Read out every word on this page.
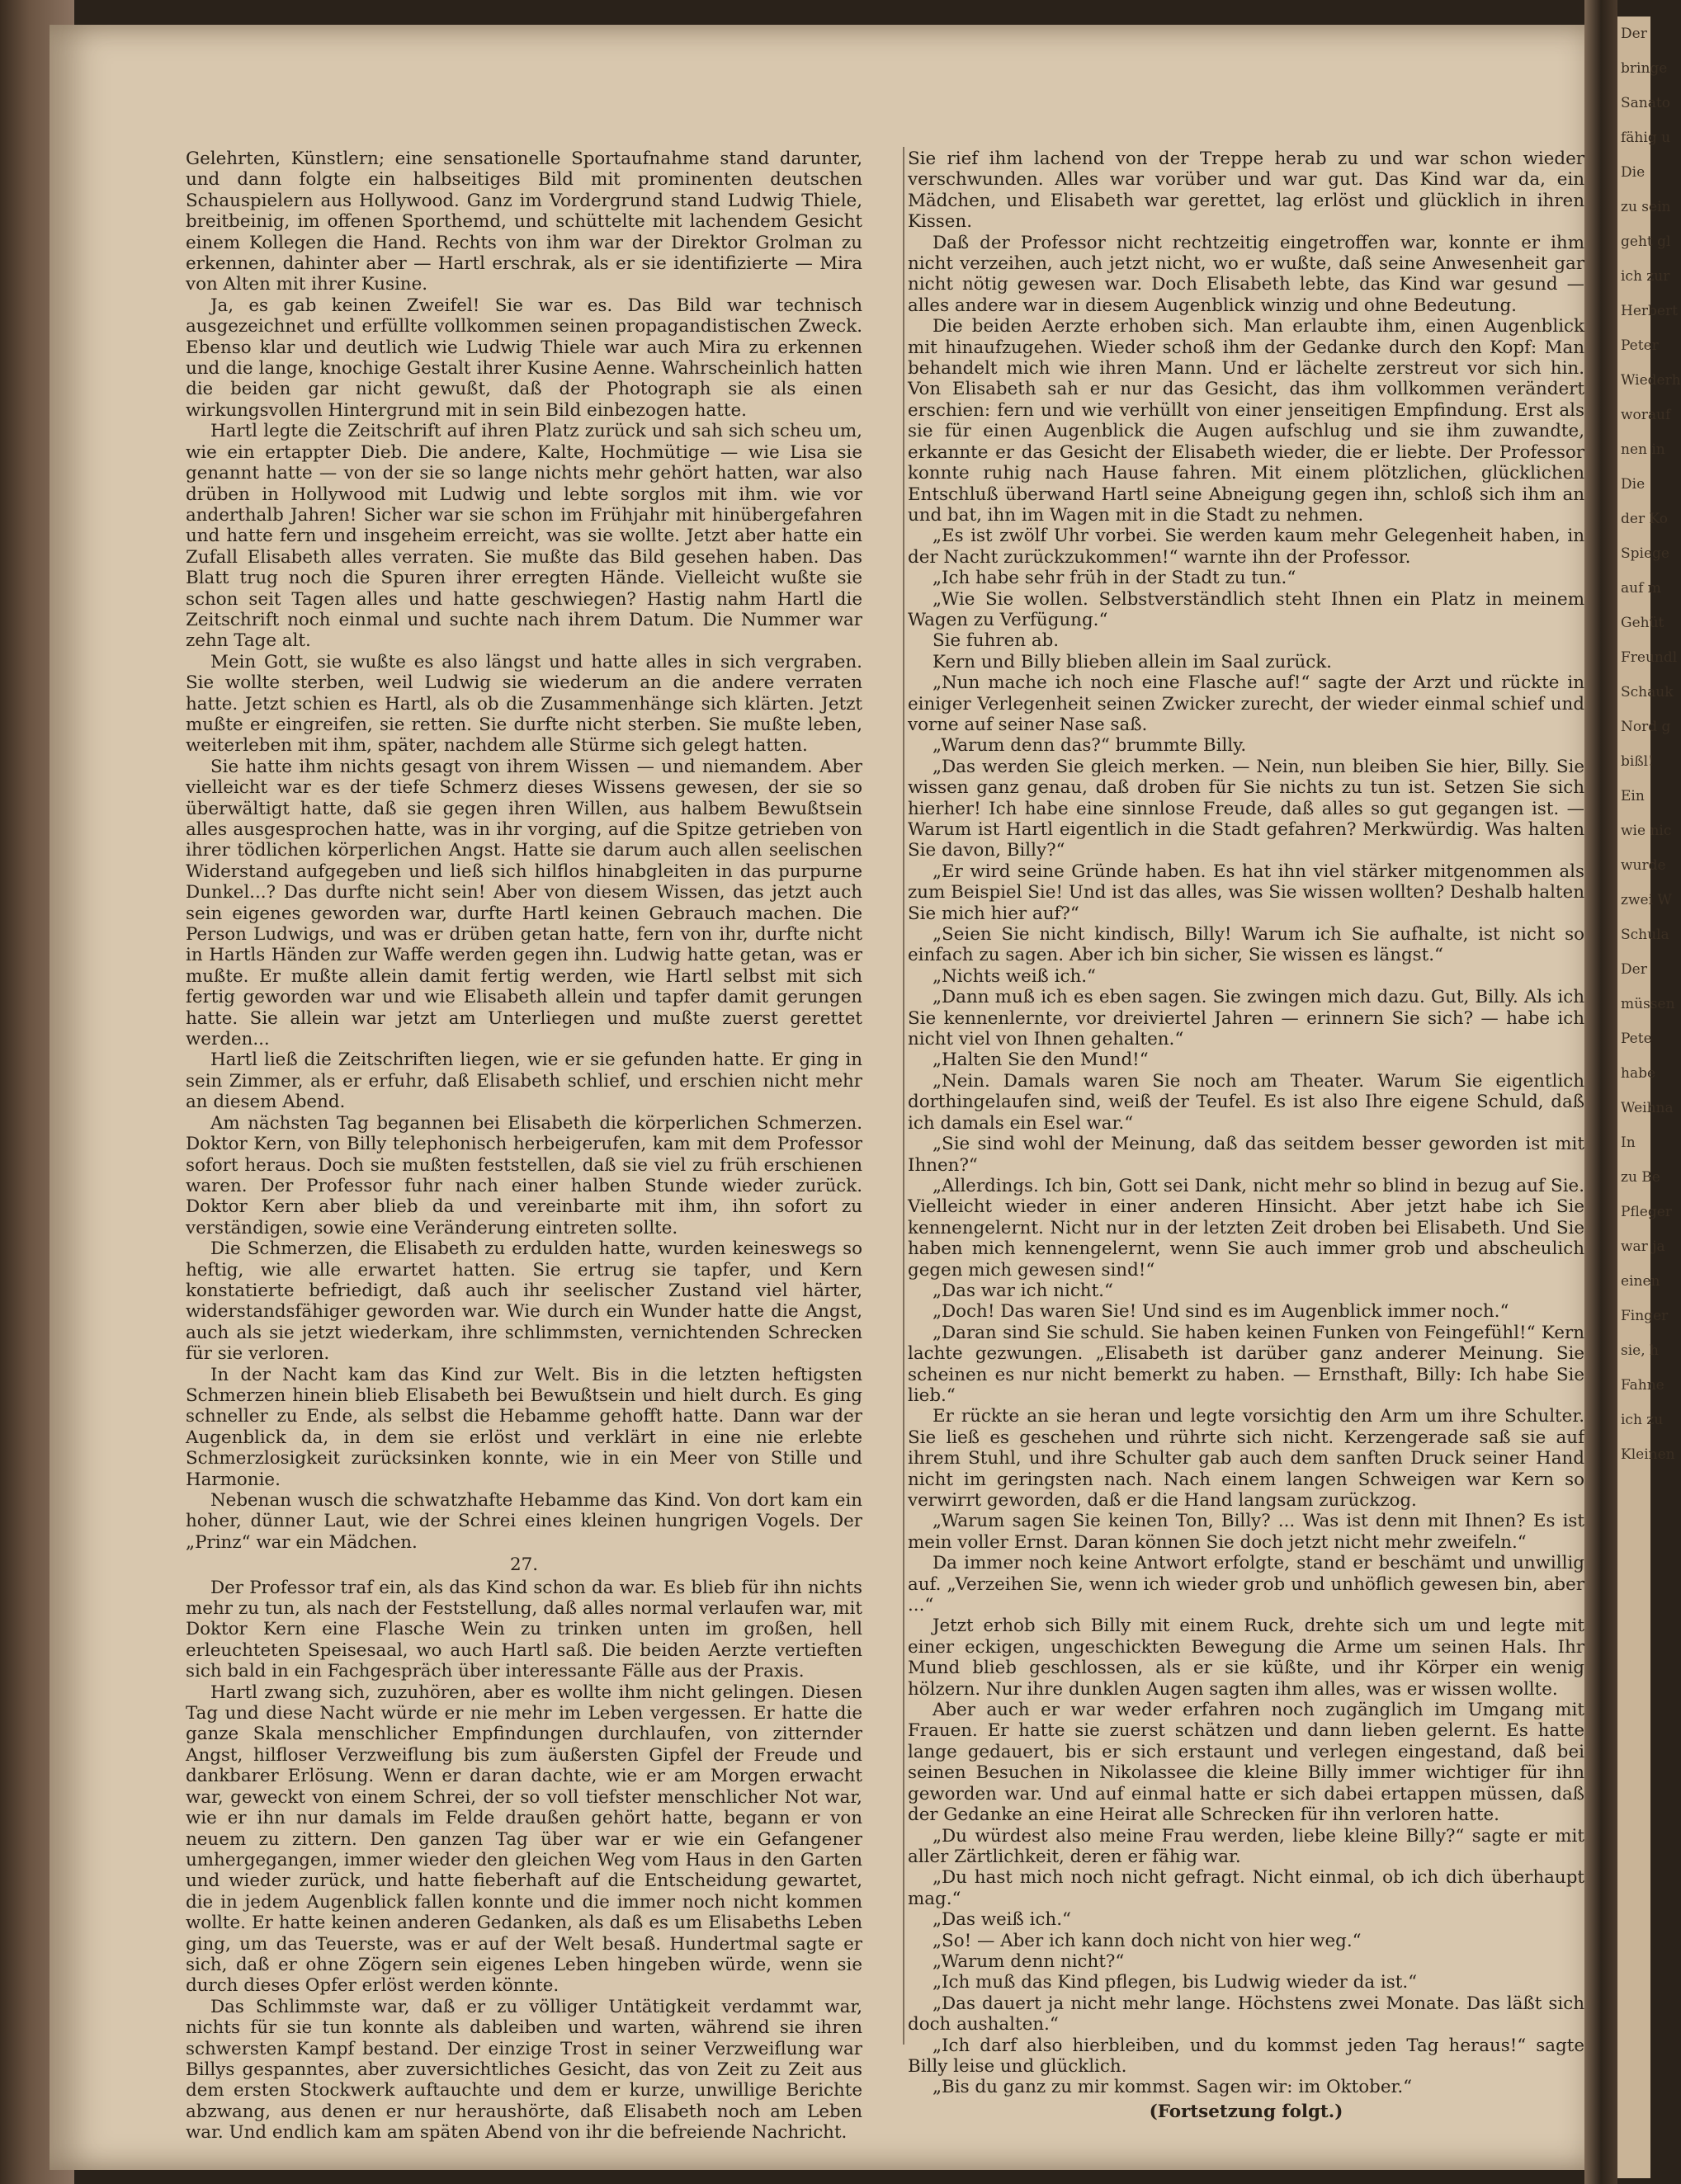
Gelehrten, Künstlern; eine sensationelle Sportaufnahme stand darunter, und dann folgte ein halbseitiges Bild mit prominenten deutschen Schauspielern aus Hollywood. Ganz im Vordergrund stand Ludwig Thiele, breitbeinig, im offenen Sporthemd, und schüttelte mit lachendem Gesicht einem Kollegen die Hand. Rechts von ihm war der Direktor Grolman zu erkennen, dahinter aber — Hartl erschrak, als er sie identifizierte — Mira von Alten mit ihrer Kusine.

Ja, es gab keinen Zweifel! Sie war es. Das Bild war technisch ausgezeichnet und erfüllte vollkommen seinen propagandistischen Zweck. Ebenso klar und deutlich wie Ludwig Thiele war auch Mira zu erkennen und die lange, knochige Gestalt ihrer Kusine Aenne. Wahrscheinlich hatten die beiden gar nicht gewußt, daß der Photograph sie als einen wirkungsvollen Hintergrund mit in sein Bild einbezogen hatte.

Hartl legte die Zeitschrift auf ihren Platz zurück und sah sich scheu um, wie ein ertappter Dieb. Die andere, Kalte, Hochmütige — wie Lisa sie genannt hatte — von der sie so lange nichts mehr gehört hatten, war also drüben in Hollywood mit Ludwig und lebte sorglos mit ihm. wie vor anderthalb Jahren! Sicher war sie schon im Frühjahr mit hinübergefahren und hatte fern und insgeheim erreicht, was sie wollte. Jetzt aber hatte ein Zufall Elisabeth alles verraten. Sie mußte das Bild gesehen haben. Das Blatt trug noch die Spuren ihrer erregten Hände. Vielleicht wußte sie schon seit Tagen alles und hatte geschwiegen? Hastig nahm Hartl die Zeitschrift noch einmal und suchte nach ihrem Datum. Die Nummer war zehn Tage alt.

Mein Gott, sie wußte es also längst und hatte alles in sich vergraben. Sie wollte sterben, weil Ludwig sie wiederum an die andere verraten hatte. Jetzt schien es Hartl, als ob die Zusammenhänge sich klärten. Jetzt mußte er eingreifen, sie retten. Sie durfte nicht sterben. Sie mußte leben, weiterleben mit ihm, später, nachdem alle Stürme sich gelegt hatten.

Sie hatte ihm nichts gesagt von ihrem Wissen — und niemandem. Aber vielleicht war es der tiefe Schmerz dieses Wissens gewesen, der sie so überwältigt hatte, daß sie gegen ihren Willen, aus halbem Bewußtsein alles ausgesprochen hatte, was in ihr vorging, auf die Spitze getrieben von ihrer tödlichen körperlichen Angst. Hatte sie darum auch allen seelischen Widerstand aufgegeben und ließ sich hilflos hinabgleiten in das purpurne Dunkel...? Das durfte nicht sein! Aber von diesem Wissen, das jetzt auch sein eigenes geworden war, durfte Hartl keinen Gebrauch machen. Die Person Ludwigs, und was er drüben getan hatte, fern von ihr, durfte nicht in Hartls Händen zur Waffe werden gegen ihn. Ludwig hatte getan, was er mußte. Er mußte allein damit fertig werden, wie Hartl selbst mit sich fertig geworden war und wie Elisabeth allein und tapfer damit gerungen hatte. Sie allein war jetzt am Unterliegen und mußte zuerst gerettet werden...

Hartl ließ die Zeitschriften liegen, wie er sie gefunden hatte. Er ging in sein Zimmer, als er erfuhr, daß Elisabeth schlief, und erschien nicht mehr an diesem Abend.

Am nächsten Tag begannen bei Elisabeth die körperlichen Schmerzen. Doktor Kern, von Billy telephonisch herbeigerufen, kam mit dem Professor sofort heraus. Doch sie mußten feststellen, daß sie viel zu früh erschienen waren. Der Professor fuhr nach einer halben Stunde wieder zurück. Doktor Kern aber blieb da und vereinbarte mit ihm, ihn sofort zu verständigen, sowie eine Veränderung eintreten sollte.

Die Schmerzen, die Elisabeth zu erdulden hatte, wurden keineswegs so heftig, wie alle erwartet hatten. Sie ertrug sie tapfer, und Kern konstatierte befriedigt, daß auch ihr seelischer Zustand viel härter, widerstandsfähiger geworden war. Wie durch ein Wunder hatte die Angst, auch als sie jetzt wiederkam, ihre schlimmsten, vernichtenden Schrecken für sie verloren.

In der Nacht kam das Kind zur Welt. Bis in die letzten heftigsten Schmerzen hinein blieb Elisabeth bei Bewußtsein und hielt durch. Es ging schneller zu Ende, als selbst die Hebamme gehofft hatte. Dann war der Augenblick da, in dem sie erlöst und verklärt in eine nie erlebte Schmerzlosigkeit zurücksinken konnte, wie in ein Meer von Stille und Harmonie.

Nebenan wusch die schwatzhafte Hebamme das Kind. Von dort kam ein hoher, dünner Laut, wie der Schrei eines kleinen hungrigen Vogels. Der „Prinz“ war ein Mädchen.

27.

Der Professor traf ein, als das Kind schon da war. Es blieb für ihn nichts mehr zu tun, als nach der Feststellung, daß alles normal verlaufen war, mit Doktor Kern eine Flasche Wein zu trinken unten im großen, hell erleuchteten Speisesaal, wo auch Hartl saß. Die beiden Aerzte vertieften sich bald in ein Fachgespräch über interessante Fälle aus der Praxis.

Hartl zwang sich, zuzuhören, aber es wollte ihm nicht gelingen. Diesen Tag und diese Nacht würde er nie mehr im Leben vergessen. Er hatte die ganze Skala menschlicher Empfindungen durchlaufen, von zitternder Angst, hilfloser Verzweiflung bis zum äußersten Gipfel der Freude und dankbarer Erlösung. Wenn er daran dachte, wie er am Morgen erwacht war, geweckt von einem Schrei, der so voll tiefster menschlicher Not war, wie er ihn nur damals im Felde draußen gehört hatte, begann er von neuem zu zittern. Den ganzen Tag über war er wie ein Gefangener umhergegangen, immer wieder den gleichen Weg vom Haus in den Garten und wieder zurück, und hatte fieberhaft auf die Entscheidung gewartet, die in jedem Augenblick fallen konnte und die immer noch nicht kommen wollte. Er hatte keinen anderen Gedanken, als daß es um Elisabeths Leben ging, um das Teuerste, was er auf der Welt besaß. Hundertmal sagte er sich, daß er ohne Zögern sein eigenes Leben hingeben würde, wenn sie durch dieses Opfer erlöst werden könnte.

Das Schlimmste war, daß er zu völliger Untätigkeit verdammt war, nichts für sie tun konnte als dableiben und warten, während sie ihren schwersten Kampf bestand. Der einzige Trost in seiner Verzweiflung war Billys gespanntes, aber zuversichtliches Gesicht, das von Zeit zu Zeit aus dem ersten Stockwerk auftauchte und dem er kurze, unwillige Berichte abzwang, aus denen er nur heraushörte, daß Elisabeth noch am Leben war. Und endlich kam am späten Abend von ihr die befreiende Nachricht.

Sie rief ihm lachend von der Treppe herab zu und war schon wieder verschwunden. Alles war vorüber und war gut. Das Kind war da, ein Mädchen, und Elisabeth war gerettet, lag erlöst und glücklich in ihren Kissen.

Daß der Professor nicht rechtzeitig eingetroffen war, konnte er ihm nicht verzeihen, auch jetzt nicht, wo er wußte, daß seine Anwesenheit gar nicht nötig gewesen war. Doch Elisabeth lebte, das Kind war gesund — alles andere war in diesem Augenblick winzig und ohne Bedeutung.

Die beiden Aerzte erhoben sich. Man erlaubte ihm, einen Augenblick mit hinaufzugehen. Wieder schoß ihm der Gedanke durch den Kopf: Man behandelt mich wie ihren Mann. Und er lächelte zerstreut vor sich hin. Von Elisabeth sah er nur das Gesicht, das ihm vollkommen verändert erschien: fern und wie verhüllt von einer jenseitigen Empfindung. Erst als sie für einen Augenblick die Augen aufschlug und sie ihm zuwandte, erkannte er das Gesicht der Elisabeth wieder, die er liebte. Der Professor konnte ruhig nach Hause fahren. Mit einem plötzlichen, glücklichen Entschluß überwand Hartl seine Abneigung gegen ihn, schloß sich ihm an und bat, ihn im Wagen mit in die Stadt zu nehmen.

„Es ist zwölf Uhr vorbei. Sie werden kaum mehr Gelegenheit haben, in der Nacht zurückzukommen!“ warnte ihn der Professor.

„Ich habe sehr früh in der Stadt zu tun.“

„Wie Sie wollen. Selbstverständlich steht Ihnen ein Platz in meinem Wagen zu Verfügung.“

Sie fuhren ab.

Kern und Billy blieben allein im Saal zurück.

„Nun mache ich noch eine Flasche auf!“ sagte der Arzt und rückte in einiger Verlegenheit seinen Zwicker zurecht, der wieder einmal schief und vorne auf seiner Nase saß.

„Warum denn das?“ brummte Billy.

„Das werden Sie gleich merken. — Nein, nun bleiben Sie hier, Billy. Sie wissen ganz genau, daß droben für Sie nichts zu tun ist. Setzen Sie sich hierher! Ich habe eine sinnlose Freude, daß alles so gut gegangen ist. — Warum ist Hartl eigentlich in die Stadt gefahren? Merkwürdig. Was halten Sie davon, Billy?“

„Er wird seine Gründe haben. Es hat ihn viel stärker mitgenommen als zum Beispiel Sie! Und ist das alles, was Sie wissen wollten? Deshalb halten Sie mich hier auf?“

„Seien Sie nicht kindisch, Billy! Warum ich Sie aufhalte, ist nicht so einfach zu sagen. Aber ich bin sicher, Sie wissen es längst.“

„Nichts weiß ich.“

„Dann muß ich es eben sagen. Sie zwingen mich dazu. Gut, Billy. Als ich Sie kennenlernte, vor dreiviertel Jahren — erinnern Sie sich? — habe ich nicht viel von Ihnen gehalten.“

„Halten Sie den Mund!“

„Nein. Damals waren Sie noch am Theater. Warum Sie eigentlich dorthingelaufen sind, weiß der Teufel. Es ist also Ihre eigene Schuld, daß ich damals ein Esel war.“

„Sie sind wohl der Meinung, daß das seitdem besser geworden ist mit Ihnen?“

„Allerdings. Ich bin, Gott sei Dank, nicht mehr so blind in bezug auf Sie. Vielleicht wieder in einer anderen Hinsicht. Aber jetzt habe ich Sie kennengelernt. Nicht nur in der letzten Zeit droben bei Elisabeth. Und Sie haben mich kennengelernt, wenn Sie auch immer grob und abscheulich gegen mich gewesen sind!“

„Das war ich nicht.“

„Doch! Das waren Sie! Und sind es im Augenblick immer noch.“

„Daran sind Sie schuld. Sie haben keinen Funken von Feingefühl!“ Kern lachte gezwungen. „Elisabeth ist darüber ganz anderer Meinung. Sie scheinen es nur nicht bemerkt zu haben. — Ernsthaft, Billy: Ich habe Sie lieb.“

Er rückte an sie heran und legte vorsichtig den Arm um ihre Schulter. Sie ließ es geschehen und rührte sich nicht. Kerzengerade saß sie auf ihrem Stuhl, und ihre Schulter gab auch dem sanften Druck seiner Hand nicht im geringsten nach. Nach einem langen Schweigen war Kern so verwirrt geworden, daß er die Hand langsam zurückzog.

„Warum sagen Sie keinen Ton, Billy? ... Was ist denn mit Ihnen? Es ist mein voller Ernst. Daran können Sie doch jetzt nicht mehr zweifeln.“

Da immer noch keine Antwort erfolgte, stand er beschämt und unwillig auf. „Verzeihen Sie, wenn ich wieder grob und unhöflich gewesen bin, aber ...“

Jetzt erhob sich Billy mit einem Ruck, drehte sich um und legte mit einer eckigen, ungeschickten Bewegung die Arme um seinen Hals. Ihr Mund blieb geschlossen, als er sie küßte, und ihr Körper ein wenig hölzern. Nur ihre dunklen Augen sagten ihm alles, was er wissen wollte.

Aber auch er war weder erfahren noch zugänglich im Umgang mit Frauen. Er hatte sie zuerst schätzen und dann lieben gelernt. Es hatte lange gedauert, bis er sich erstaunt und verlegen eingestand, daß bei seinen Besuchen in Nikolassee die kleine Billy immer wichtiger für ihn geworden war. Und auf einmal hatte er sich dabei ertappen müssen, daß der Gedanke an eine Heirat alle Schrecken für ihn verloren hatte.

„Du würdest also meine Frau werden, liebe kleine Billy?“ sagte er mit aller Zärtlichkeit, deren er fähig war.

„Du hast mich noch nicht gefragt. Nicht einmal, ob ich dich überhaupt mag.“

„Das weiß ich.“

„So! — Aber ich kann doch nicht von hier weg.“

„Warum denn nicht?“

„Ich muß das Kind pflegen, bis Ludwig wieder da ist.“

„Das dauert ja nicht mehr lange. Höchstens zwei Monate. Das läßt sich doch aushalten.“

„Ich darf also hierbleiben, und du kommst jeden Tag heraus!“ sagte Billy leise und glücklich.

„Bis du ganz zu mir kommst. Sagen wir: im Oktober.“

(Fortsetzung folgt.)

Der
bringe
Sanato
fähig u
Die
zu sein
geht gl
ich zur
Herbert
Peter
Wiederh
worauf
nen in
Die
der Ko
Spiege
auf m
Gehüt
Freundl
Schauk
Nord g
bißl!
Ein
wie nic
wurde
zwei W
Schula
Der
müssen
Pete
habe
Weihna
In
zu Be
Pfleger
war ja
einen
Finger
sie, h
Fahne
ich zu
Kleinen
